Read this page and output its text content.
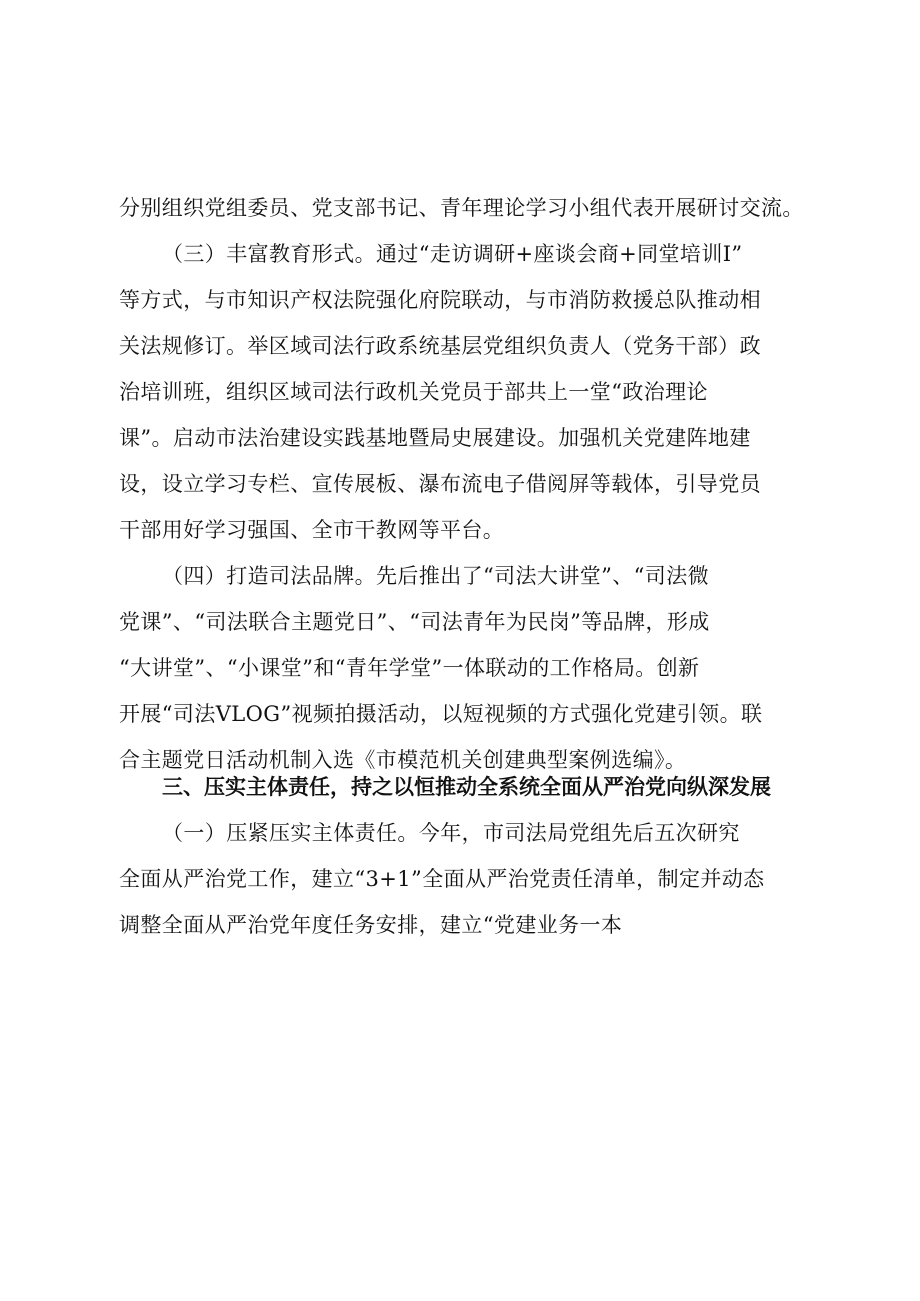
分别组织党组委员、党支部书记、青年理论学习小组代表开展研讨交流。
（三）丰富教育形式。通过“走访调研+座谈会商+同堂培训I”
等方式，与市知识产权法院强化府院联动，与市消防救援总队推动相
关法规修订。举区域司法行政系统基层党组织负责人（党务干部）政
治培训班，组织区域司法行政机关党员于部共上一堂“政治理论
课”。启动市法治建设实践基地暨局史展建设。加强机关党建阵地建
设，设立学习专栏、宣传展板、瀑布流电子借阅屏等载体，引导党员
干部用好学习强国、全市干教网等平台。
（四）打造司法品牌。先后推出了“司法大讲堂”、“司法微
党课”、“司法联合主题党日”、“司法青年为民岗”等品牌，形成
“大讲堂”、“小课堂”和“青年学堂”一体联动的工作格局。创新
开展“司法VLOG”视频拍摄活动，以短视频的方式强化党建引领。联
合主题党日活动机制入选《市模范机关创建典型案例选编》。
三、压实主体责任，持之以恒推动全系统全面从严治党向纵深发展
（一）压紧压实主体责任。今年，市司法局党组先后五次研究
全面从严治党工作，建立“3+1”全面从严治党责任清单，制定并动态
调整全面从严治党年度任务安排，建立“党建业务一本
